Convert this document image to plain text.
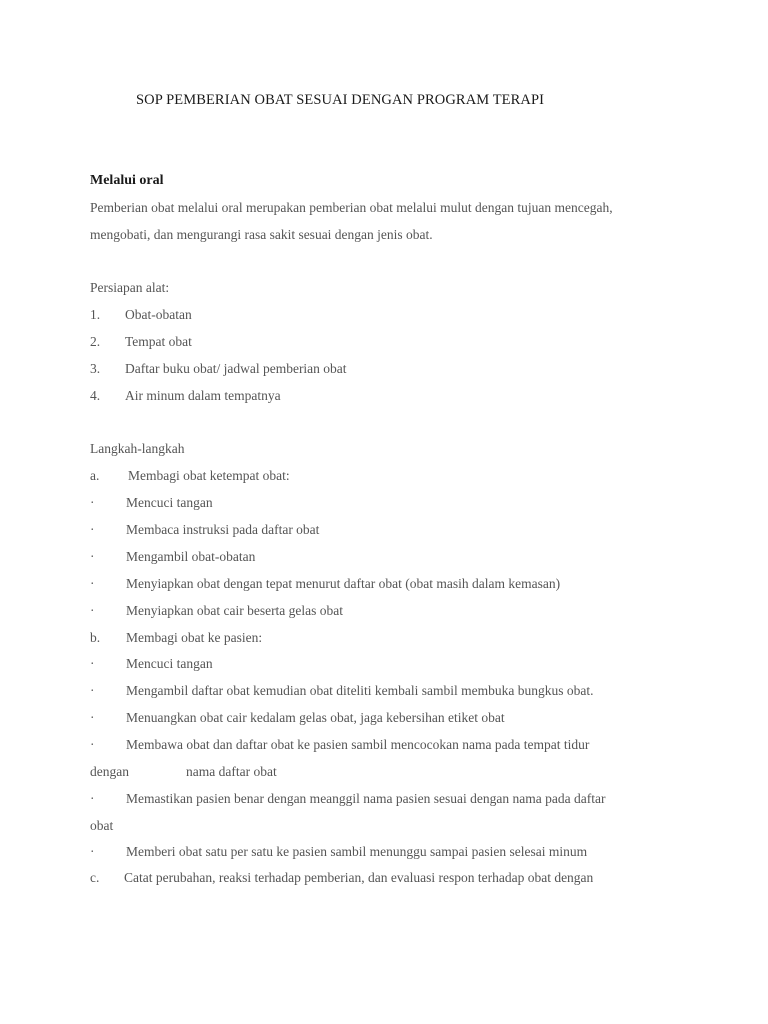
SOP PEMBERIAN OBAT SESUAI DENGAN PROGRAM TERAPI
Melalui oral
Pemberian obat melalui oral merupakan pemberian obat melalui mulut dengan tujuan mencegah,
mengobati, dan mengurangi rasa sakit sesuai dengan jenis obat.
Persiapan alat:
1. Obat-obatan
2. Tempat obat
3. Daftar buku obat/ jadwal pemberian obat
4. Air minum dalam tempatnya
Langkah-langkah
a. Membagi obat ketempat obat:
· Mencuci tangan
· Membaca instruksi pada daftar obat
· Mengambil obat-obatan
· Menyiapkan obat dengan tepat menurut daftar obat (obat masih dalam kemasan)
· Menyiapkan obat cair beserta gelas obat
b. Membagi obat ke pasien:
· Mencuci tangan
· Mengambil daftar obat kemudian obat diteliti kembali sambil membuka bungkus obat.
· Menuangkan obat cair kedalam gelas obat, jaga kebersihan etiket obat
· Membawa obat dan daftar obat ke pasien sambil mencocokan nama pada tempat tidur
dengan	nama daftar obat
· Memastikan pasien benar dengan meanggil nama pasien sesuai dengan nama pada daftar
obat
· Memberi obat satu per satu ke pasien sambil menunggu sampai pasien selesai minum
c. Catat perubahan, reaksi terhadap pemberian, dan evaluasi respon terhadap obat dengan
